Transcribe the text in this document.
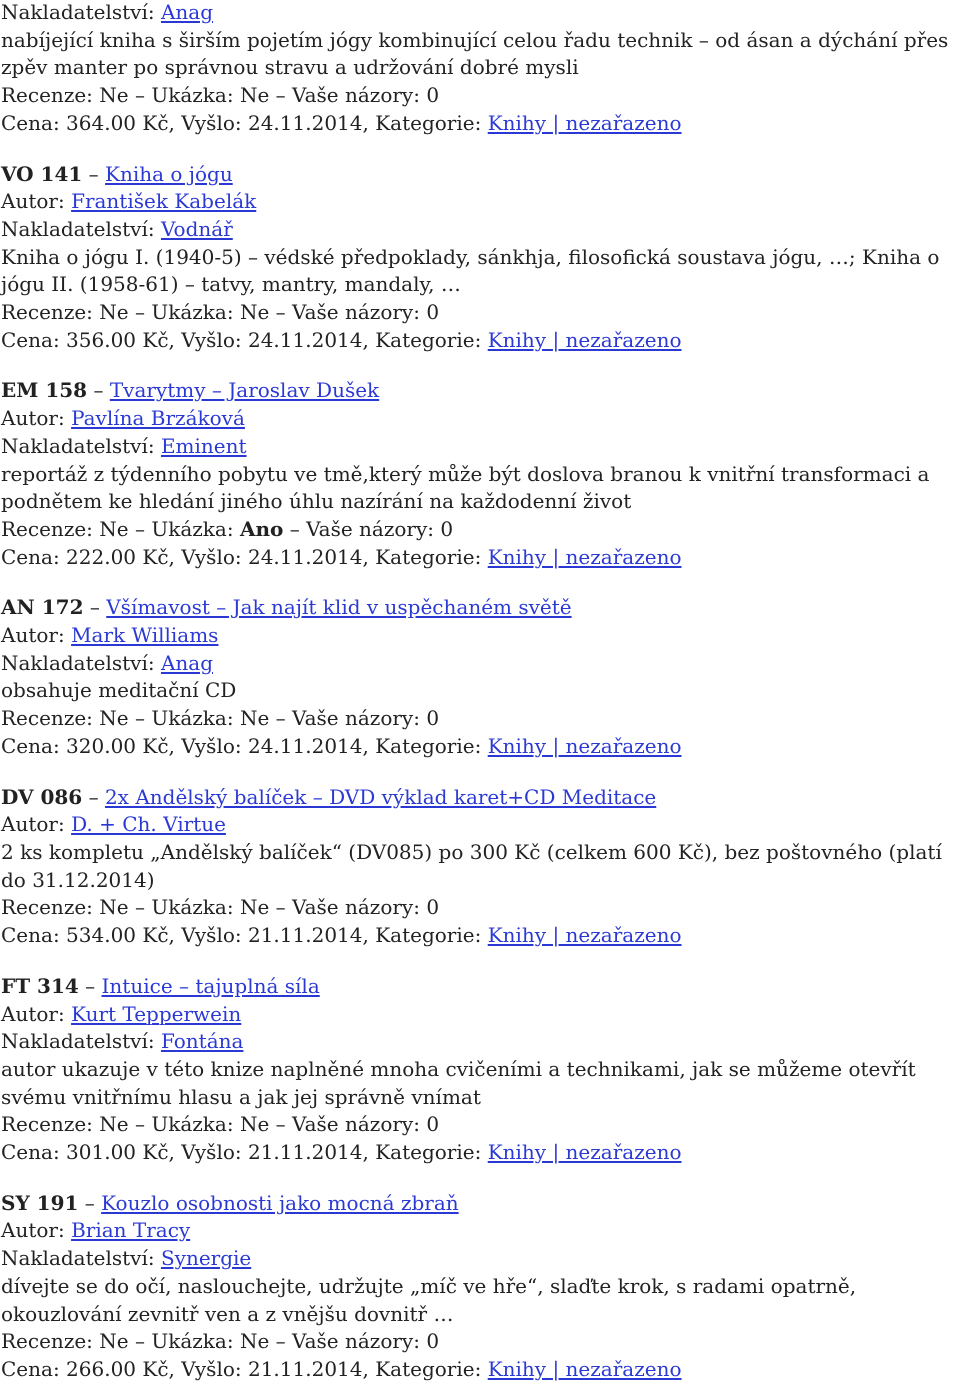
Nakladatelství: Anag
nabíjející kniha s širším pojetím jógy kombinující celou řadu technik – od ásan a dýchání přes zpěv manter po správnou stravu a udržování dobré mysli
Recenze: Ne – Ukázka: Ne – Vaše názory: 0
Cena: 364.00 Kč, Vyšlo: 24.11.2014, Kategorie: Knihy | nezařazeno
VO 141 – Kniha o jógu
Autor: František Kabelák
Nakladatelství: Vodnář
Kniha o jógu I. (1940-5) – védské předpoklady, sánkhja, filosofická soustava jógu, …; Kniha o jógu II. (1958-61) – tatvy, mantry, mandaly, …
Recenze: Ne – Ukázka: Ne – Vaše názory: 0
Cena: 356.00 Kč, Vyšlo: 24.11.2014, Kategorie: Knihy | nezařazeno
EM 158 – Tvarytmy – Jaroslav Dušek
Autor: Pavlína Brzáková
Nakladatelství: Eminent
reportáž z týdenního pobytu ve tmě,který může být doslova branou k vnitřní transformaci a podnětem ke hledání jiného úhlu nazírání na každodenní život
Recenze: Ne – Ukázka: Ano – Vaše názory: 0
Cena: 222.00 Kč, Vyšlo: 24.11.2014, Kategorie: Knihy | nezařazeno
AN 172 – Všímavost – Jak najít klid v uspěchaném světě
Autor: Mark Williams
Nakladatelství: Anag
obsahuje meditační CD
Recenze: Ne – Ukázka: Ne – Vaše názory: 0
Cena: 320.00 Kč, Vyšlo: 24.11.2014, Kategorie: Knihy | nezařazeno
DV 086 – 2x Andělský balíček – DVD výklad karet+CD Meditace
Autor: D. + Ch. Virtue
2 ks kompletu „Andělský balíček“ (DV085) po 300 Kč (celkem 600 Kč), bez poštovného (platí do 31.12.2014)
Recenze: Ne – Ukázka: Ne – Vaše názory: 0
Cena: 534.00 Kč, Vyšlo: 21.11.2014, Kategorie: Knihy | nezařazeno
FT 314 – Intuice – tajuplná síla
Autor: Kurt Tepperwein
Nakladatelství: Fontána
autor ukazuje v této knize naplněné mnoha cvičeními a technikami, jak se můžeme otevřít svému vnitřnímu hlasu a jak jej správně vnímat
Recenze: Ne – Ukázka: Ne – Vaše názory: 0
Cena: 301.00 Kč, Vyšlo: 21.11.2014, Kategorie: Knihy | nezařazeno
SY 191 – Kouzlo osobnosti jako mocná zbraň
Autor: Brian Tracy
Nakladatelství: Synergie
dívejte se do očí, naslouchejte, udržujte „míč ve hře“, slaďte krok, s radami opatrně, okouzlování zevnitř ven a z vnějšu dovnitř …
Recenze: Ne – Ukázka: Ne – Vaše názory: 0
Cena: 266.00 Kč, Vyšlo: 21.11.2014, Kategorie: Knihy | nezařazeno
